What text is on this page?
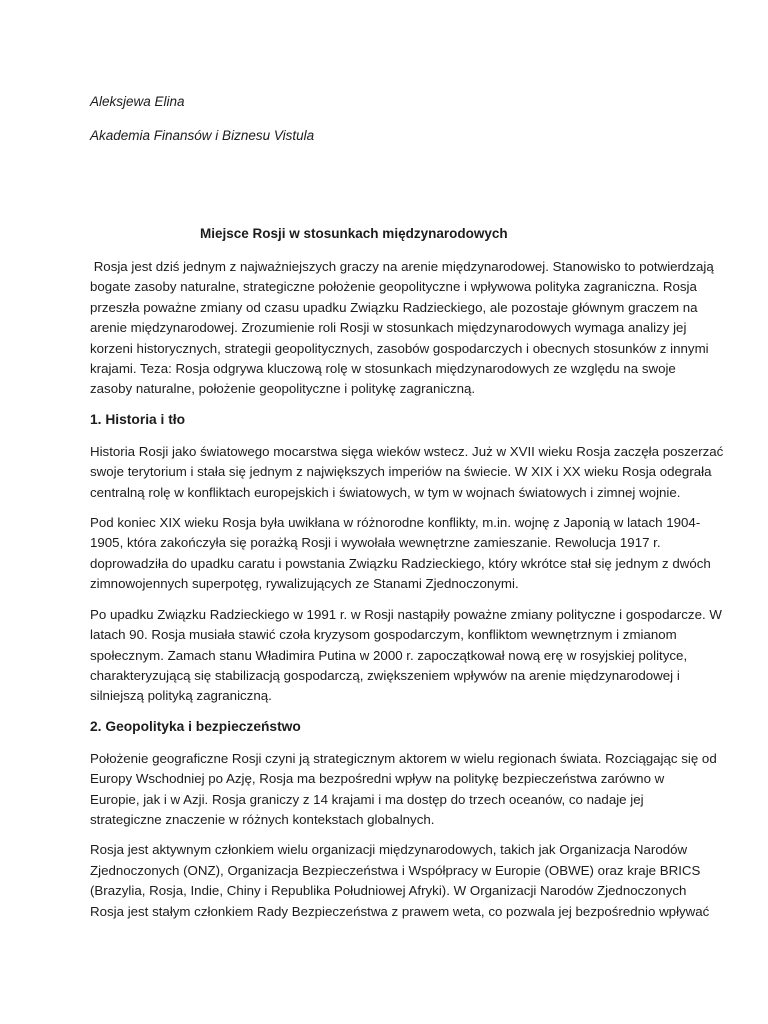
Aleksjewa Elina
Akademia Finansów i Biznesu Vistula
Miejsce Rosji w stosunkach międzynarodowych
Rosja jest dziś jednym z najważniejszych graczy na arenie międzynarodowej. Stanowisko to potwierdzają
bogate zasoby naturalne, strategiczne położenie geopolityczne i wpływowa polityka zagraniczna. Rosja
przeszła poważne zmiany od czasu upadku Związku Radzieckiego, ale pozostaje głównym graczem na
arenie międzynarodowej. Zrozumienie roli Rosji w stosunkach międzynarodowych wymaga analizy jej
korzeni historycznych, strategii geopolitycznych, zasobów gospodarczych i obecnych stosunków z innymi
krajami. Teza: Rosja odgrywa kluczową rolę w stosunkach międzynarodowych ze względu na swoje
zasoby naturalne, położenie geopolityczne i politykę zagraniczną.
1. Historia i tło
Historia Rosji jako światowego mocarstwa sięga wieków wstecz. Już w XVII wieku Rosja zaczęła poszerzać
swoje terytorium i stała się jednym z największych imperiów na świecie. W XIX i XX wieku Rosja odegrała
centralną rolę w konfliktach europejskich i światowych, w tym w wojnach światowych i zimnej wojnie.
Pod koniec XIX wieku Rosja była uwikłana w różnorodne konflikty, m.in. wojnę z Japonią w latach 1904-
1905, która zakończyła się porażką Rosji i wywołała wewnętrzne zamieszanie. Rewolucja 1917 r.
doprowadziła do upadku caratu i powstania Związku Radzieckiego, który wkrótce stał się jednym z dwóch
zimnowojennych superpotęg, rywalizujących ze Stanami Zjednoczonymi.
Po upadku Związku Radzieckiego w 1991 r. w Rosji nastąpiły poważne zmiany polityczne i gospodarcze. W
latach 90. Rosja musiała stawić czoła kryzysom gospodarczym, konfliktom wewnętrznym i zmianom
społecznym. Zamach stanu Władimira Putina w 2000 r. zapoczątkował nową erę w rosyjskiej polityce,
charakteryzującą się stabilizacją gospodarczą, zwiększeniem wpływów na arenie międzynarodowej i
silniejszą polityką zagraniczną.
2. Geopolityka i bezpieczeństwo
Położenie geograficzne Rosji czyni ją strategicznym aktorem w wielu regionach świata. Rozciągając się od
Europy Wschodniej po Azję, Rosja ma bezpośredni wpływ na politykę bezpieczeństwa zarówno w
Europie, jak i w Azji. Rosja graniczy z 14 krajami i ma dostęp do trzech oceanów, co nadaje jej
strategiczne znaczenie w różnych kontekstach globalnych.
Rosja jest aktywnym członkiem wielu organizacji międzynarodowych, takich jak Organizacja Narodów
Zjednoczonych (ONZ), Organizacja Bezpieczeństwa i Współpracy w Europie (OBWE) oraz kraje BRICS
(Brazylia, Rosja, Indie, Chiny i Republika Południowej Afryki). W Organizacji Narodów Zjednoczonych
Rosja jest stałym członkiem Rady Bezpieczeństwa z prawem weta, co pozwala jej bezpośrednio wpływać
